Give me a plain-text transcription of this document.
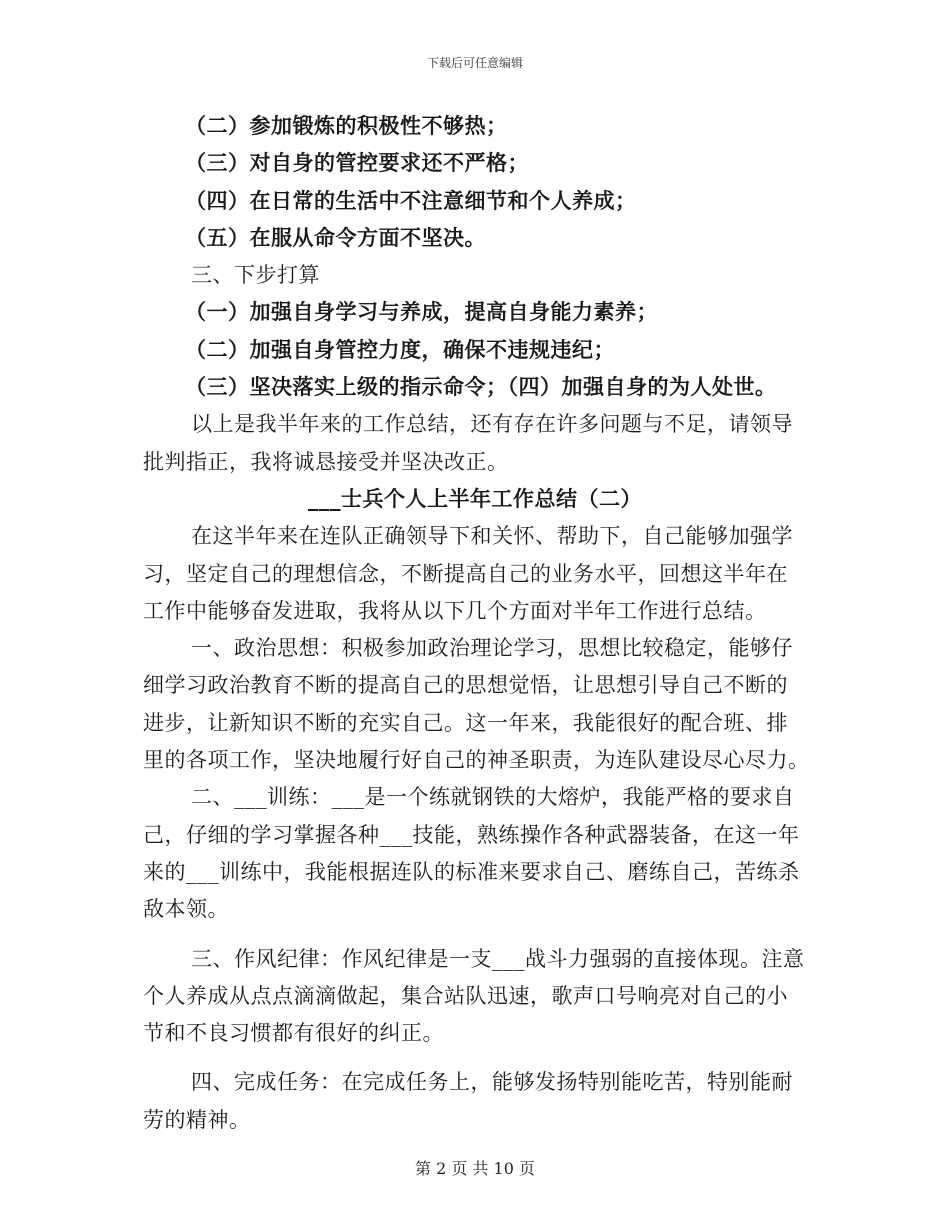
下载后可任意编辑
（二）参加锻炼的积极性不够热；
（三）对自身的管控要求还不严格；
（四）在日常的生活中不注意细节和个人养成；
（五）在服从命令方面不坚决。
三、下步打算
（一）加强自身学习与养成，提高自身能力素养；
（二）加强自身管控力度，确保不违规违纪；
（三）坚决落实上级的指示命令；（四）加强自身的为人处世。
以上是我半年来的工作总结，还有存在许多问题与不足，请领导
批判指正，我将诚恳接受并坚决改正。
___士兵个人上半年工作总结（二）
在这半年来在连队正确领导下和关怀、帮助下，自己能够加强学
习，坚定自己的理想信念，不断提高自己的业务水平，回想这半年在
工作中能够奋发进取，我将从以下几个方面对半年工作进行总结。
一、政治思想：积极参加政治理论学习，思想比较稳定，能够仔
细学习政治教育不断的提高自己的思想觉悟，让思想引导自己不断的
进步，让新知识不断的充实自己。这一年来，我能很好的配合班、排
里的各项工作，坚决地履行好自己的神圣职责，为连队建设尽心尽力。
二、___训练：___是一个练就钢铁的大熔炉，我能严格的要求自
己，仔细的学习掌握各种___技能，熟练操作各种武器装备，在这一年
来的___训练中，我能根据连队的标准来要求自己、磨练自己，苦练杀
敌本领。
三、作风纪律：作风纪律是一支___战斗力强弱的直接体现。注意
个人养成从点点滴滴做起，集合站队迅速，歌声口号响亮对自己的小
节和不良习惯都有很好的纠正。
四、完成任务：在完成任务上，能够发扬特别能吃苦，特别能耐
劳的精神。
第 2 页 共 10 页
